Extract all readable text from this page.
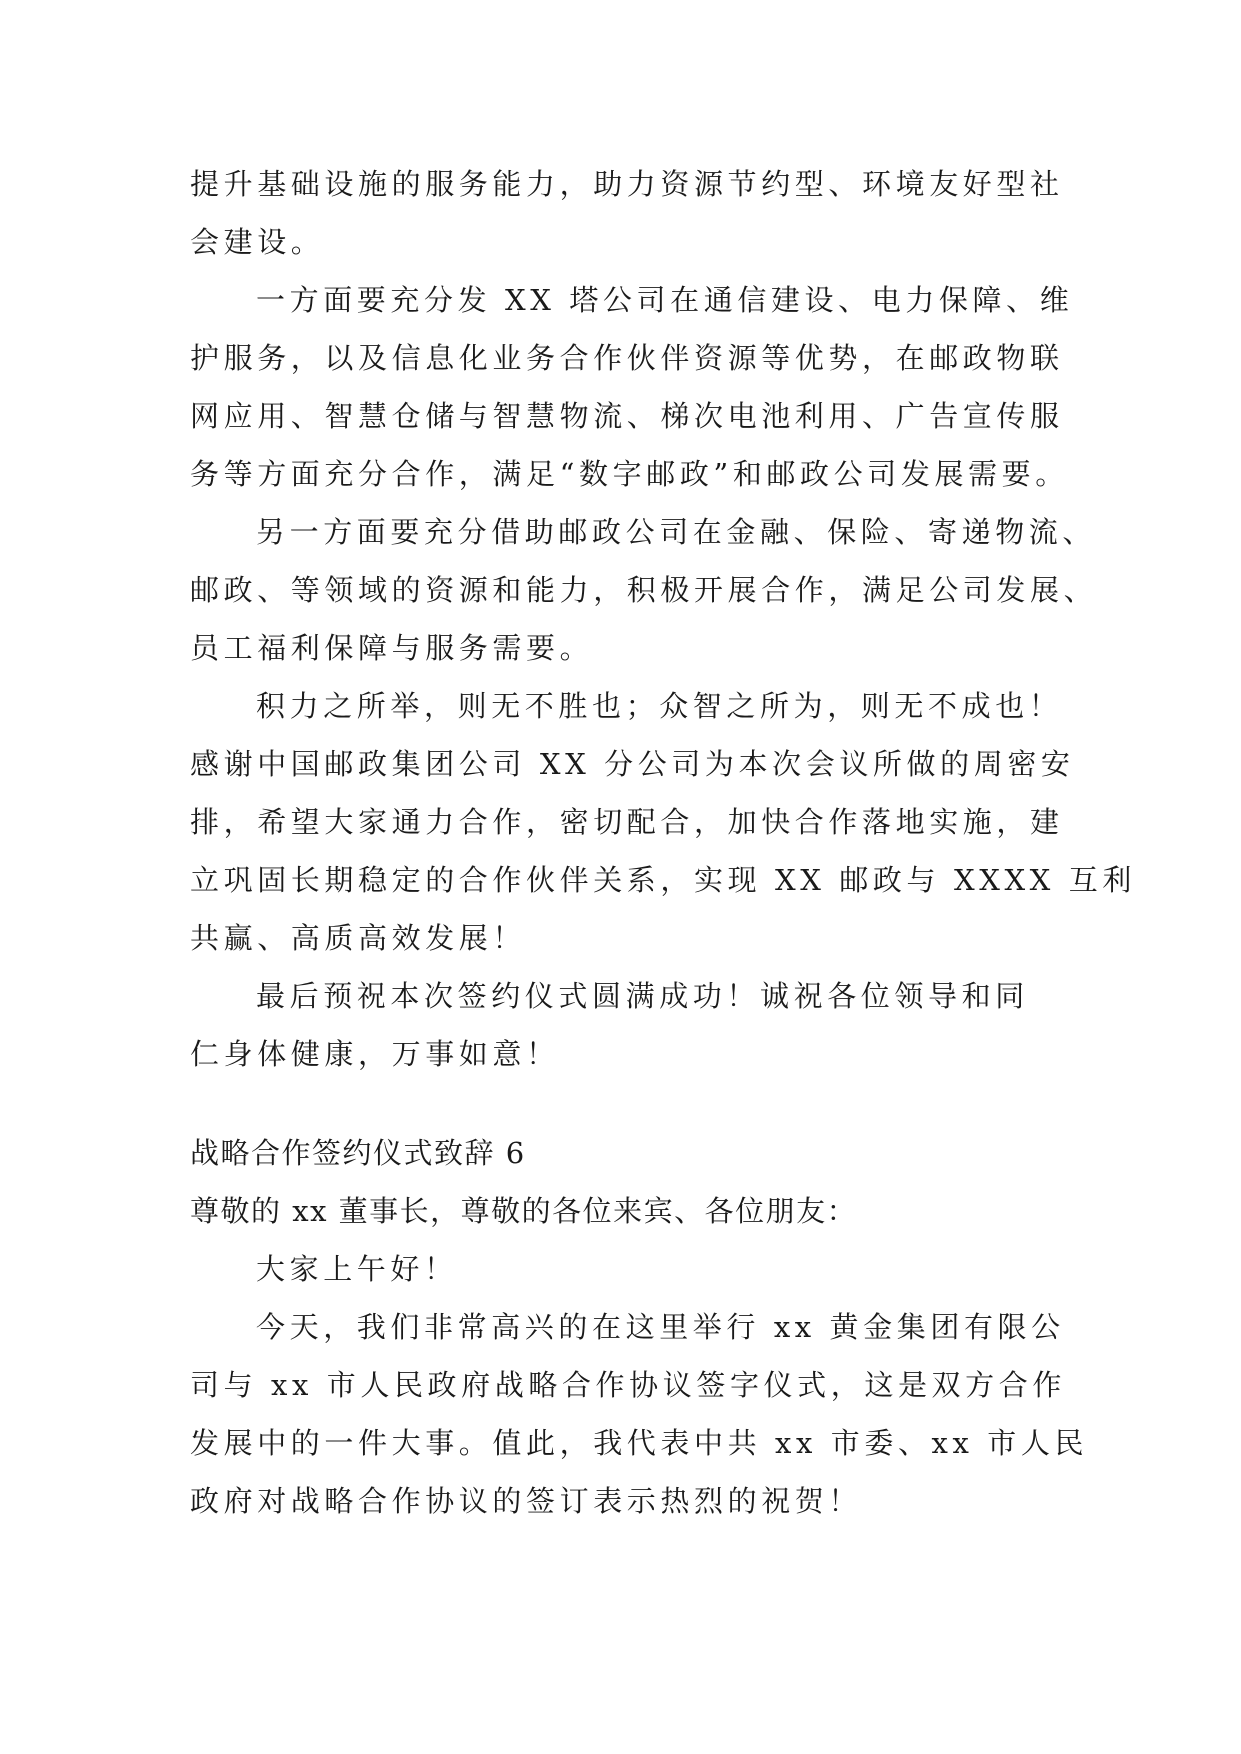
提升基础设施的服务能力，助力资源节约型、环境友好型社
会建设。
一方面要充分发 XX 塔公司在通信建设、电力保障、维
护服务，以及信息化业务合作伙伴资源等优势，在邮政物联
网应用、智慧仓储与智慧物流、梯次电池利用、广告宣传服
务等方面充分合作，满足“数字邮政”和邮政公司发展需要。
另一方面要充分借助邮政公司在金融、保险、寄递物流、
邮政、等领域的资源和能力，积极开展合作，满足公司发展、
员工福利保障与服务需要。
积力之所举，则无不胜也；众智之所为，则无不成也！
感谢中国邮政集团公司 XX 分公司为本次会议所做的周密安
排，希望大家通力合作，密切配合，加快合作落地实施，建
立巩固长期稳定的合作伙伴关系，实现 XX 邮政与 XXXX 互利
共赢、高质高效发展！
最后预祝本次签约仪式圆满成功！诚祝各位领导和同
仁身体健康，万事如意！
战略合作签约仪式致辞 6
尊敬的 xx 董事长，尊敬的各位来宾、各位朋友：
大家上午好！
今天，我们非常高兴的在这里举行 xx 黄金集团有限公
司与 xx 市人民政府战略合作协议签字仪式，这是双方合作
发展中的一件大事。值此，我代表中共 xx 市委、xx 市人民
政府对战略合作协议的签订表示热烈的祝贺！
